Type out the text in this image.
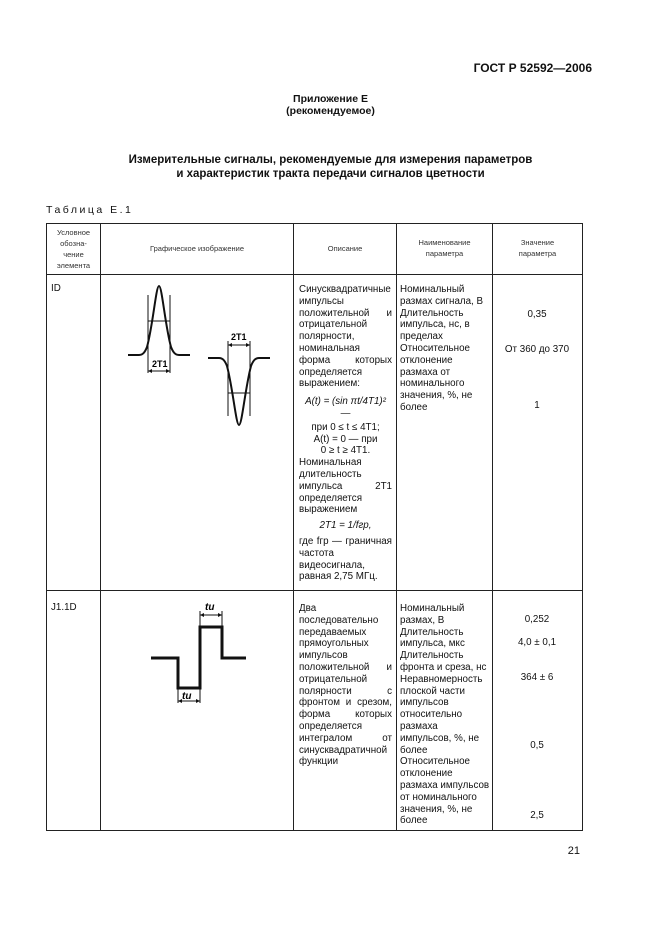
ГОСТ Р 52592—2006
Приложение Е
(рекомендуемое)
Измерительные сигналы, рекомендуемые для измерения параметров
и характеристик тракта передачи сигналов цветности
Таблица Е.1
Условное
обозна-
чение
элемента
Графическое изображение	Описание
Наименование
параметра
Значение
параметра
ID
2T1
2T1

Синусквадратичные импульсы положительной и отрицательной полярности, номинальная форма которых определяется выражением:

A(t) = (sin πt/4T1)² —

при 0 ≤ t ≤ 4T1;

A(t) = 0 — при

0 ≥ t ≥ 4T1.

Номинальная длительность импульса 2T1 определяется выражением

2T1 = 1/fгр,

где fгр — граничная частота видеосигнала, равная 2,75 МГц.

Номинальный размах сигнала, В
Длительность импульса, нс, в пределах
Относительное отклонение размаха от номинального значения, %, не более
0,35
От 360 до 370
1
J1.1D	tи
tи
Два последовательно передаваемых прямоугольных импульсов положительной и отрицательной полярности с фронтом и срезом, форма которых определяется интегралом от синусквадратичной функции
Номинальный размах, В
Длительность импульса, мкс
Длительность фронта и среза, нс
Неравномерность плоской части импульсов относительно размаха импульсов, %, не более
Относительное отклонение размаха импульсов от номинального значения, %, не более
0,252
4,0 ± 0,1
364 ± 6
0,5
2,5
21
